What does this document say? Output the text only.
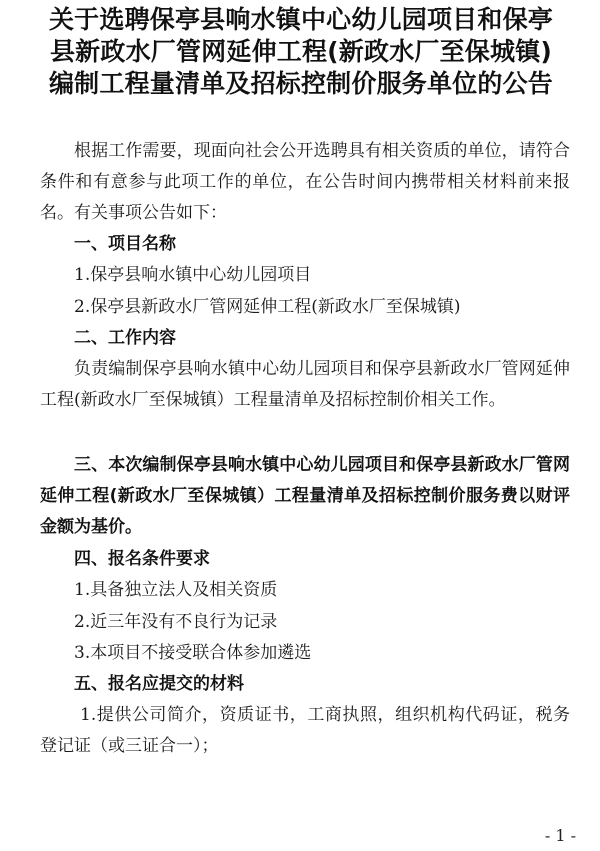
关于选聘保亭县响水镇中心幼儿园项目和保亭
县新政水厂管网延伸工程(新政水厂至保城镇)
编制工程量清单及招标控制价服务单位的公告

根据工作需要，现面向社会公开选聘具有相关资质的单位，请符合条件和有意参与此项工作的单位，在公告时间内携带相关材料前来报名。有关事项公告如下：

一、项目名称
1.保亭县响水镇中心幼儿园项目
2.保亭县新政水厂管网延伸工程(新政水厂至保城镇)
二、工作内容

负责编制保亭县响水镇中心幼儿园项目和保亭县新政水厂管网延伸工程(新政水厂至保城镇）工程量清单及招标控制价相关工作。

三、本次编制保亭县响水镇中心幼儿园项目和保亭县新政水厂管网延伸工程(新政水厂至保城镇）工程量清单及招标控制价服务费以财评金额为基价。

四、报名条件要求
1.具备独立法人及相关资质
2.近三年没有不良行为记录
3.本项目不接受联合体参加遴选
五、报名应提交的材料

1.提供公司简介，资质证书，工商执照，组织机构代码证，税务登记证（或三证合一）；

- 1 -
